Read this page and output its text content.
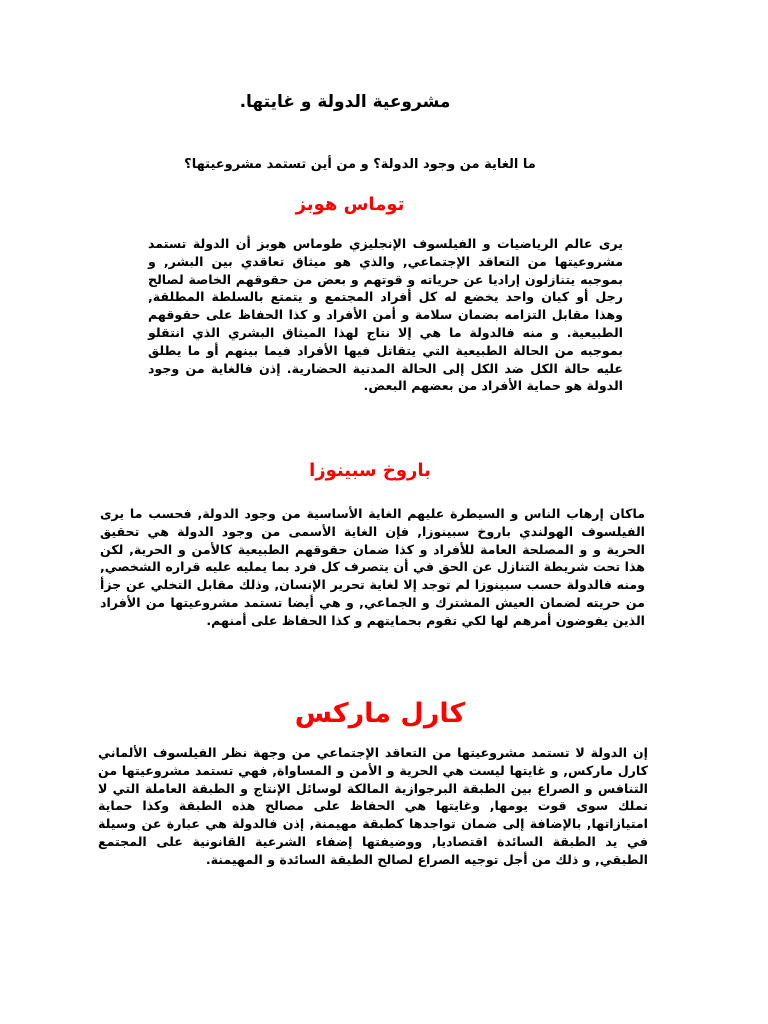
مشروعية الدولة و غايتها.
ما الغاية من وجود الدولة؟ و من أين تستمد مشروعيتها؟
توماس هوبز
يرى عالم الرياضيات و الفيلسوف الإنجليزي طوماس هوبز أن الدولة تستمد مشروعيتها من التعاقد الإجتماعي, والذي هو ميثاق تعاقدي بين البشر, و بموجبه يتنازلون إراديا عن حرياته و قوتهم و بعض من حقوقهم الخاصة لصالح رجل أو كيان واحد يخضع له كل أفراد المجتمع و يتمتع بالسلطة المطلقة, وهذا مقابل التزامه بضمان سلامة و أمن الأفراد و كذا الحفاظ على حقوقهم الطبيعية. و منه فالدولة ما هي إلا نتاج لهذا الميثاق البشري الذي انتقلو بموجبه من الحالة الطبيعية التي يتقاتل فيها الأفراد فيما بينهم أو ما يطلق عليه حالة الكل ضد الكل إلى الحالة المدنية الحضارية. إذن فالغاية من وجود الدولة هو حماية الأفراد من بعضهم البعض.
باروخ سبينوزا
ماكان إرهاب الناس و السيطرة عليهم الغاية الأساسية من وجود الدولة, فحسب ما يرى الفيلسوف الهولندي باروخ سبينوزا, فإن الغاية الأسمى من وجود الدولة هي تحقيق الحرية و و المصلحة العامة للأفراد و كذا ضمان حقوقهم الطبيعية كالأمن و الحرية, لكن هذا تحت شريطة التنازل عن الحق في أن يتصرف كل فرد بما يمليه عليه قراره الشخصي, ومنه فالدولة حسب سبينوزا لم توجد إلا لغاية تحرير الإنسان, وذلك مقابل التخلي عن جزأ من حريته لضمان العيش المشترك و الجماعي, و هي أيضا تستمد مشروعيتها من الأفراد الذين يفوضون أمرهم لها لكي تقوم بحمايتهم و كذا الحفاظ على أمنهم.
كارل ماركس
إن الدولة لا تستمد مشروعيتها من التعاقد الإجتماعي من وجهة نظر الفيلسوف الألماني كارل ماركس, و غايتها ليست هي الحرية و الأمن و المساواة, فهي تستمد مشروعيتها من التنافس و الصراع بين الطبقة البرجوازية المالكة لوسائل الإنتاج و الطبقة العاملة التي لا تملك سوى قوت يومها, وغايتها هي الحفاظ على مصالح هذه الطبقة وكذا حماية امتيازاتها, بالإضافة إلى ضمان تواجدها كطبقة مهيمنة, إذن فالدولة هي عبارة عن وسيلة في يد الطبقة السائدة اقتصاديا, ووضيفتها إضفاء الشرعية القانونية على المجتمع الطبقي, و ذلك من أجل توجيه الصراع لصالح الطبقة السائدة و المهيمنة.
